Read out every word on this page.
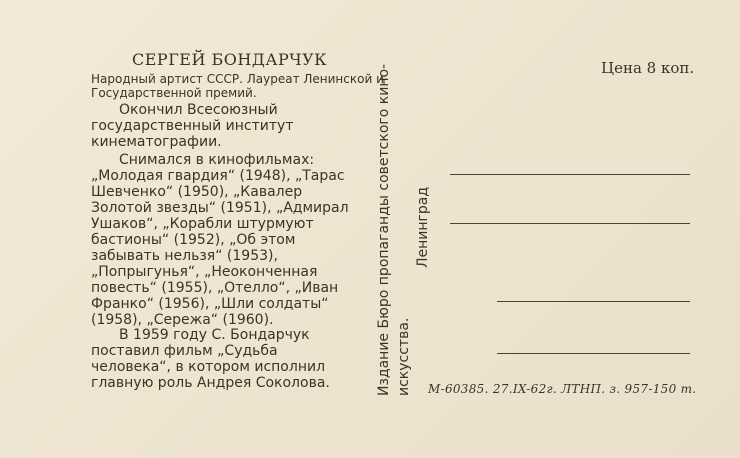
СЕРГЕЙ БОНДАРЧУК
Народный артист СССР. Лауреат Ленинской и Государственной премий.
Окончил Всесоюзный государственный институт кинематографии.
Снимался в кинофильмах: „Молодая гвардия“ (1948), „Тарас Шевченко“ (1950), „Кавалер Золотой звезды“ (1951), „Адмирал Ушаков“, „Корабли штурмуют бастионы“ (1952), „Об этом забывать нельзя“ (1953), „Попрыгунья“, „Неоконченная повесть“ (1955), „Отелло“, „Иван Франко“ (1956), „Шли солдаты“ (1958), „Сережа“ (1960).
В 1959 году С. Бондарчук поставил фильм „Судьба человека“, в котором исполнил главную роль Андрея Соколова.	Издание Бюро пропаганды советского кино- искусства.
Ленинград
Цена 8 коп.
М-60385. 27.IX-62г. ЛТНП. з. 957-150 т.
